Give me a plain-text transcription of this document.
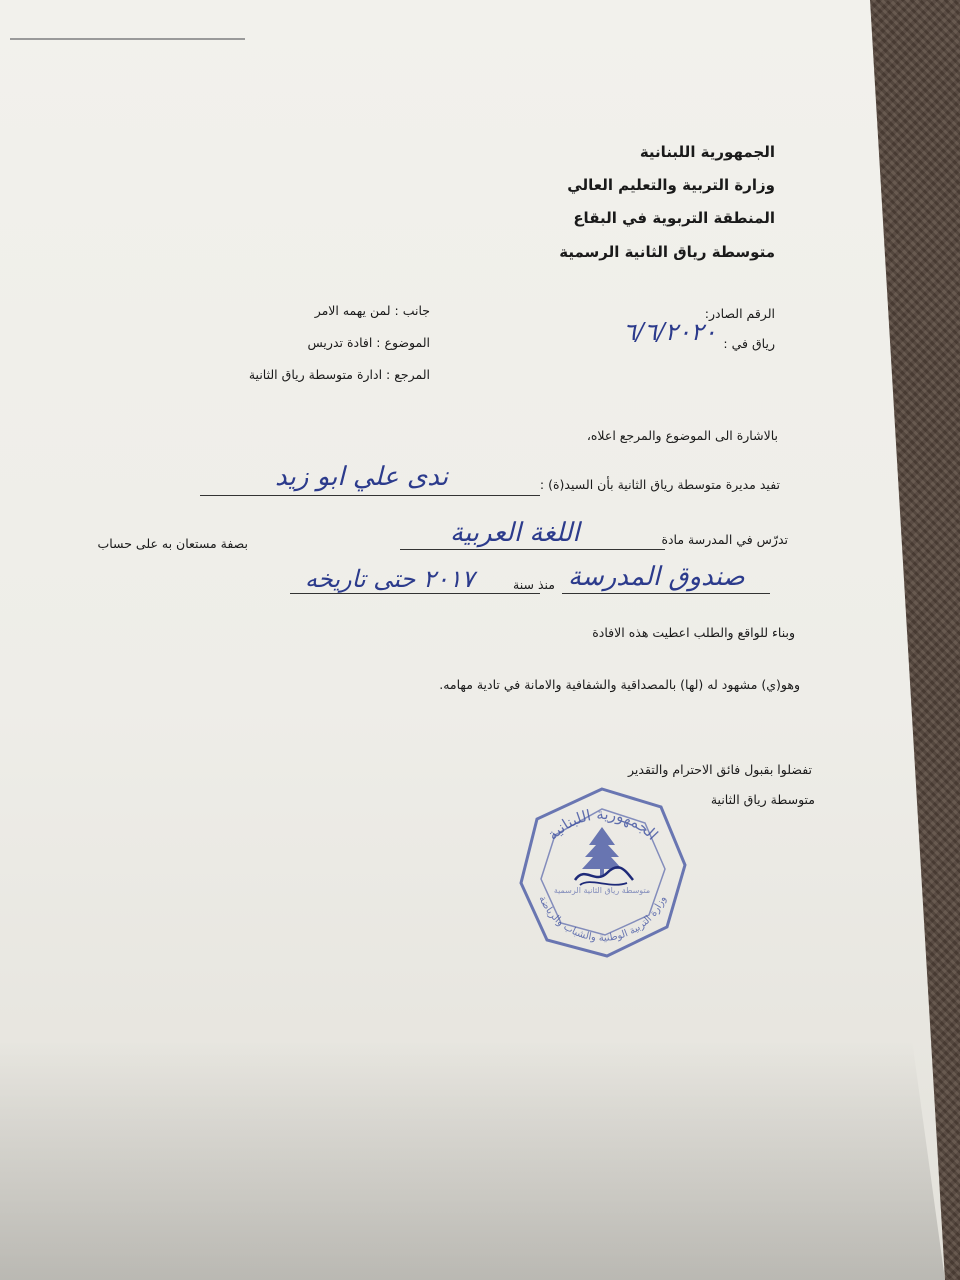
الجمهورية اللبنانية
وزارة التربية والتعليم العالي
المنطقة التربوية في البقاع
متوسطة رياق الثانية الرسمية
الرقم الصادر:
رياق في :
٦/٦/٢٠٢٠
جانب : لمن يهمه الامر
الموضوع : افادة تدريس
المرجع : ادارة متوسطة رياق الثانية
بالاشارة الى الموضوع والمرجع اعلاه،
تفيد مديرة متوسطة رياق الثانية بأن السيد(ة) :
ندى علي ابو زيد
تدرّس في المدرسة مادة
اللغة العربية
بصفة مستعان به على حساب
صندوق المدرسة
منذ سنة
٢٠١٧ حتى تاريخه
وبناء للواقع والطلب اعطيت هذه الافادة
وهو(ي) مشهود له (لها) بالمصداقية والشفافية والامانة في تادية مهامه.
تفضلوا بقبول فائق الاحترام والتقدير
متوسطة رياق الثانية
الجمهورية اللبنانية
وزارة التربية الوطنية والشباب والرياضة
متوسطة رياق الثانية الرسمية
